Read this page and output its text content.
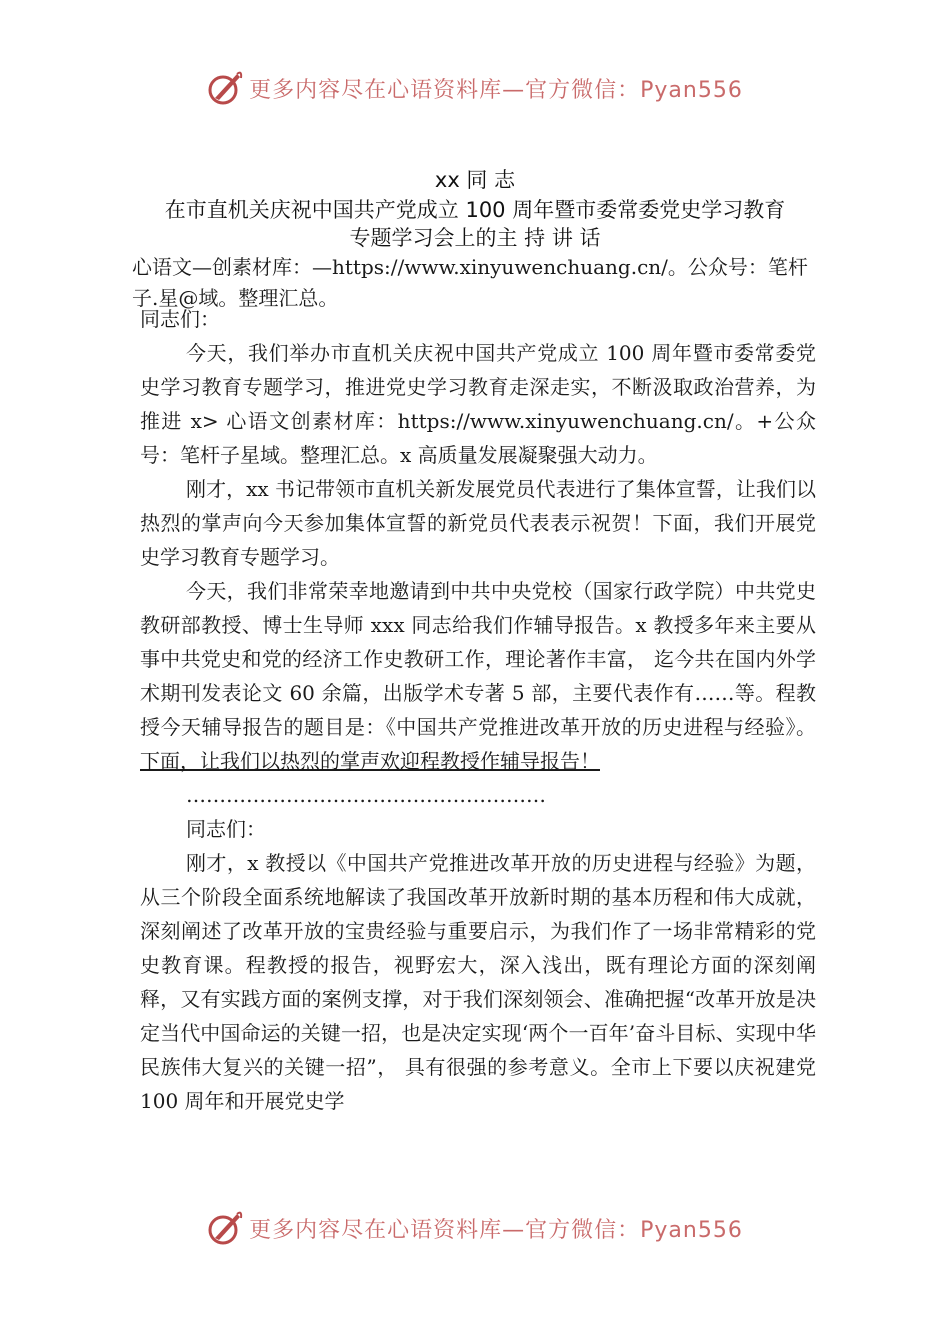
更多内容尽在心语资料库—官方微信：Pyan556
xx 同 志
在市直机关庆祝中国共产党成立 100 周年暨市委常委党史学习教育
专题学习会上的主 持 讲 话
心语文—创素材库：—https://www.xinyuwenchuang.cn/。公众号：笔杆子.星@域。整理汇总。

同志们：

今天，我们举办市直机关庆祝中国共产党成立 100 周年暨市委常委党史学习教育专题学习，推进党史学习教育走深走实，不断汲取政治营养，为推进 x> 心语文创素材库：https://www.xinyuwenchuang.cn/。+公众号：笔杆子星域。整理汇总。x 高质量发展凝聚强大动力。

刚才，xx 书记带领市直机关新发展党员代表进行了集体宣誓，让我们以热烈的掌声向今天参加集体宣誓的新党员代表表示祝贺！下面，我们开展党史学习教育专题学习。

今天，我们非常荣幸地邀请到中共中央党校（国家行政学院）中共党史教研部教授、博士生导师 xxx 同志给我们作辅导报告。x 教授多年来主要从事中共党史和党的经济工作史教研工作，理论著作丰富， 迄今共在国内外学术期刊发表论文 60 余篇，出版学术专著 5 部，主要代表作有……等。程教授今天辅导报告的题目是：《中国共产党推进改革开放的历史进程与经验》。下面，让我们以热烈的掌声欢迎程教授作辅导报告！

………………………………………………

同志们：

刚才，x 教授以《中国共产党推进改革开放的历史进程与经验》为题，从三个阶段全面系统地解读了我国改革开放新时期的基本历程和伟大成就，深刻阐述了改革开放的宝贵经验与重要启示，为我们作了一场非常精彩的党史教育课。程教授的报告，视野宏大，深入浅出，既有理论方面的深刻阐释，又有实践方面的案例支撑，对于我们深刻领会、准确把握“改革开放是决定当代中国命运的关键一招，也是决定实现‘两个一百年’奋斗目标、实现中华民族伟大复兴的关键一招”， 具有很强的参考意义。全市上下要以庆祝建党 100 周年和开展党史学

更多内容尽在心语资料库—官方微信：Pyan556
